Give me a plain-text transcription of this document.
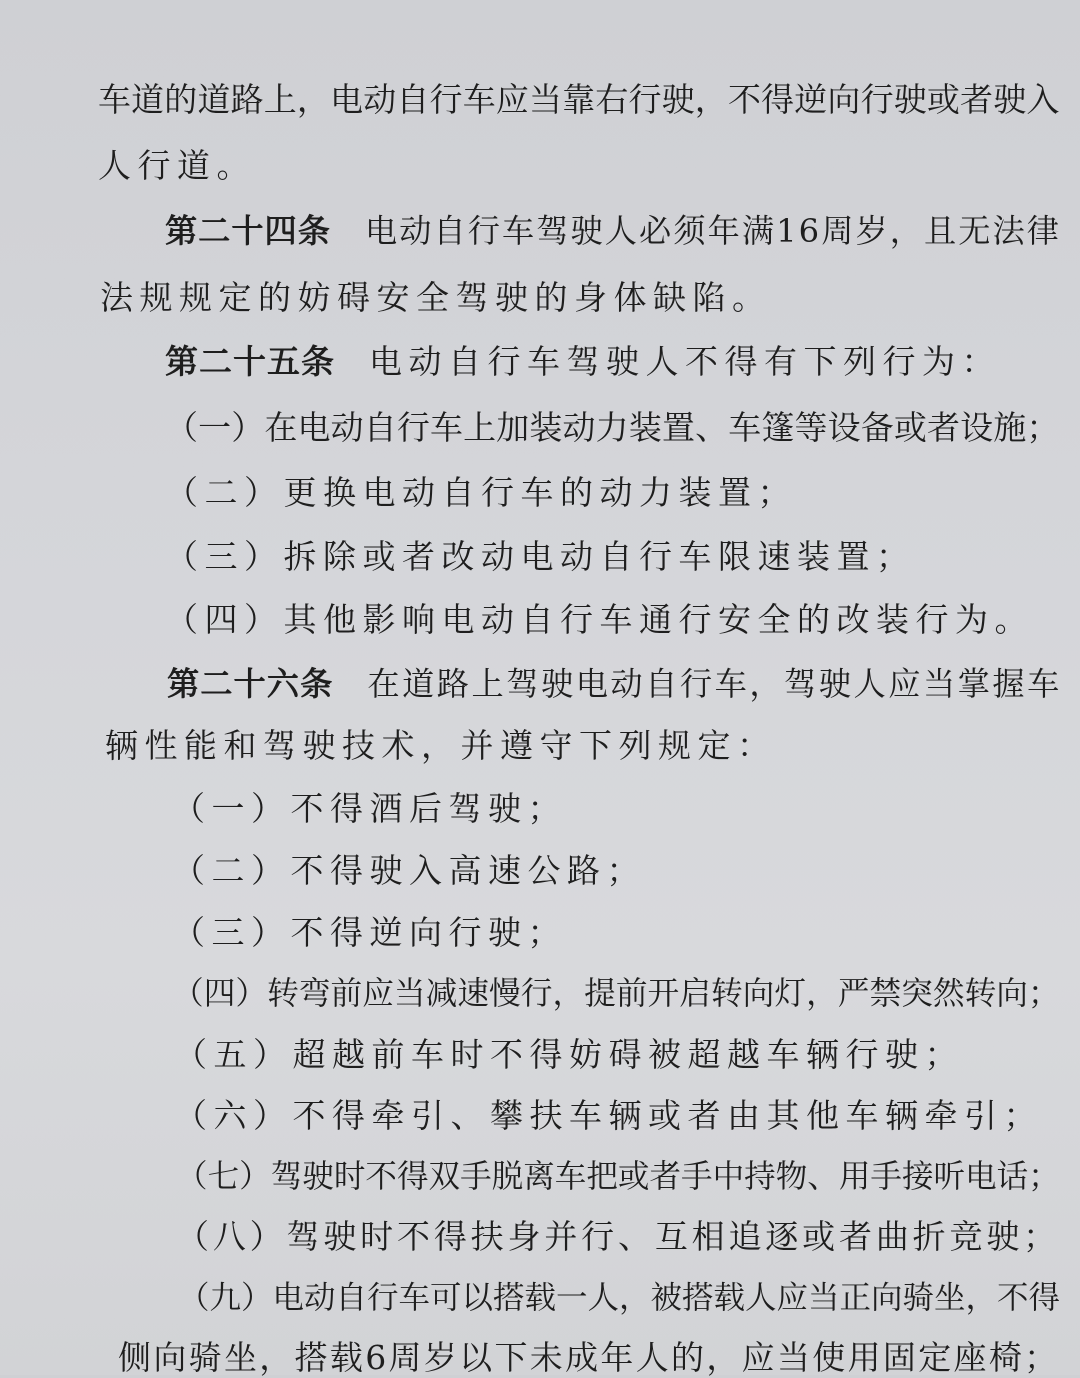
车道的道路上，电动自行车应当靠右行驶，不得逆向行驶或者驶入
人行道。
第二十四条 电动自行车驾驶人必须年满16周岁，且无法律
法规规定的妨碍安全驾驶的身体缺陷。
第二十五条 电动自行车驾驶人不得有下列行为：
（一）在电动自行车上加装动力装置、车篷等设备或者设施；
（二）更换电动自行车的动力装置；
（三）拆除或者改动电动自行车限速装置；
（四）其他影响电动自行车通行安全的改装行为。
第二十六条 在道路上驾驶电动自行车，驾驶人应当掌握车
辆性能和驾驶技术，并遵守下列规定：
（一）不得酒后驾驶；
（二）不得驶入高速公路；
（三）不得逆向行驶；
（四）转弯前应当减速慢行，提前开启转向灯，严禁突然转向；
（五）超越前车时不得妨碍被超越车辆行驶；
（六）不得牵引、攀扶车辆或者由其他车辆牵引；
（七）驾驶时不得双手脱离车把或者手中持物、用手接听电话；
（八）驾驶时不得扶身并行、互相追逐或者曲折竞驶；
（九）电动自行车可以搭载一人，被搭载人应当正向骑坐，不得
侧向骑坐，搭载6周岁以下未成年人的，应当使用固定座椅；
